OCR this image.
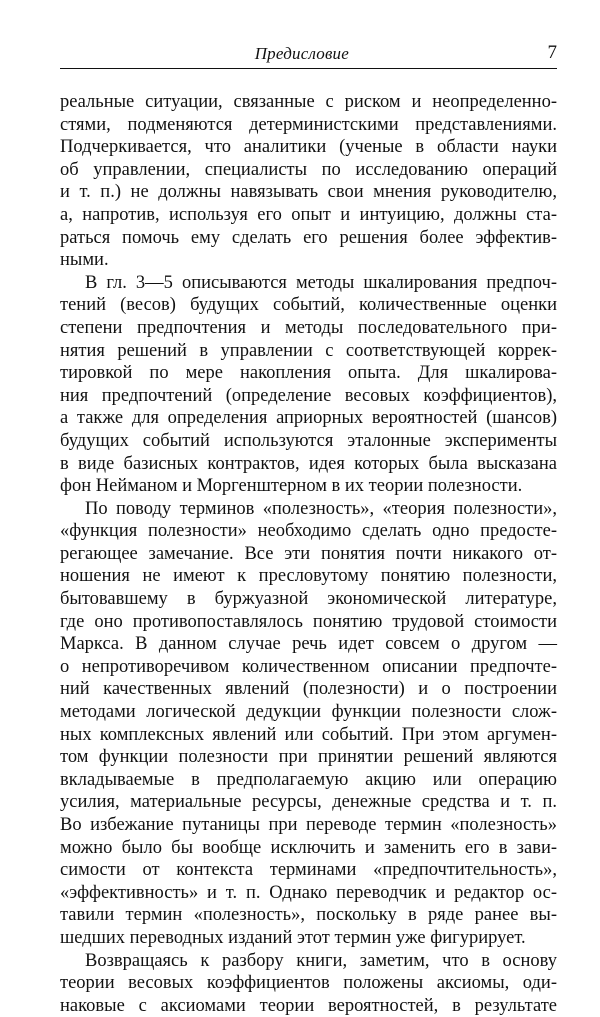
Предисловие	7
реальные ситуации, связанные с риском и неопределенно-
стями, подменяются детерминистскими представлениями.
Подчеркивается, что аналитики (ученые в области науки
об управлении, специалисты по исследованию операций
и т. п.) не должны навязывать свои мнения руководителю,
а, напротив, используя его опыт и интуицию, должны ста-
раться помочь ему сделать его решения более эффектив-
ными.
В гл. 3—5 описываются методы шкалирования предпоч-
тений (весов) будущих событий, количественные оценки
степени предпочтения и методы последовательного при-
нятия решений в управлении с соответствующей коррек-
тировкой по мере накопления опыта. Для шкалирова-
ния предпочтений (определение весовых коэффициентов),
а также для определения априорных вероятностей (шансов)
будущих событий используются эталонные эксперименты
в виде базисных контрактов, идея которых была высказана
фон Нейманом и Моргенштерном в их теории полезности.
По поводу терминов «полезность», «теория полезности»,
«функция полезности» необходимо сделать одно предосте-
регающее замечание. Все эти понятия почти никакого от-
ношения не имеют к пресловутому понятию полезности,
бытовавшему в буржуазной экономической литературе,
где оно противопоставлялось понятию трудовой стоимости
Маркса. В данном случае речь идет совсем о другом —
о непротиворечивом количественном описании предпочте-
ний качественных явлений (полезности) и о построении
методами логической дедукции функции полезности слож-
ных комплексных явлений или событий. При этом аргумен-
том функции полезности при принятии решений являются
вкладываемые в предполагаемую акцию или операцию
усилия, материальные ресурсы, денежные средства и т. п.
Во избежание путаницы при переводе термин «полезность»
можно было бы вообще исключить и заменить его в зави-
симости от контекста терминами «предпочтительность»,
«эффективность» и т. п. Однако переводчик и редактор ос-
тавили термин «полезность», поскольку в ряде ранее вы-
шедших переводных изданий этот термин уже фигурирует.
Возвращаясь к разбору книги, заметим, что в основу
теории весовых коэффициентов положены аксиомы, оди-
наковые с аксиомами теории вероятностей, в результате
